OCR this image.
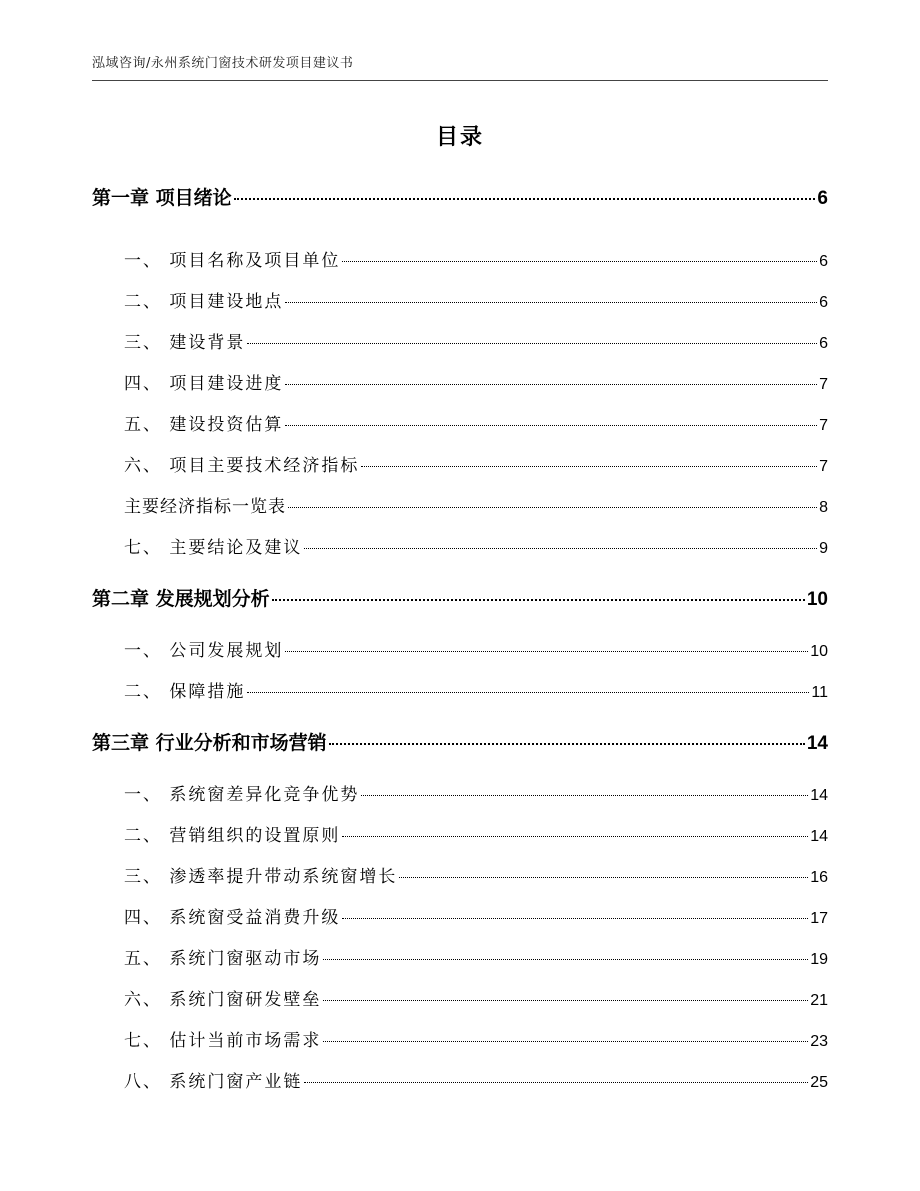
泓域咨询/永州系统门窗技术研发项目建议书
目录
第一章 项目绪论	6
一、 项目名称及项目单位	6
二、 项目建设地点	6
三、 建设背景	6
四、 项目建设进度	7
五、 建设投资估算	7
六、 项目主要技术经济指标	7
主要经济指标一览表	8
七、 主要结论及建议	9
第二章 发展规划分析	10
一、 公司发展规划	10
二、 保障措施	11
第三章 行业分析和市场营销	14
一、 系统窗差异化竞争优势	14
二、 营销组织的设置原则	14
三、 渗透率提升带动系统窗增长	16
四、 系统窗受益消费升级	17
五、 系统门窗驱动市场	19
六、 系统门窗研发壁垒	21
七、 估计当前市场需求	23
八、 系统门窗产业链	25
